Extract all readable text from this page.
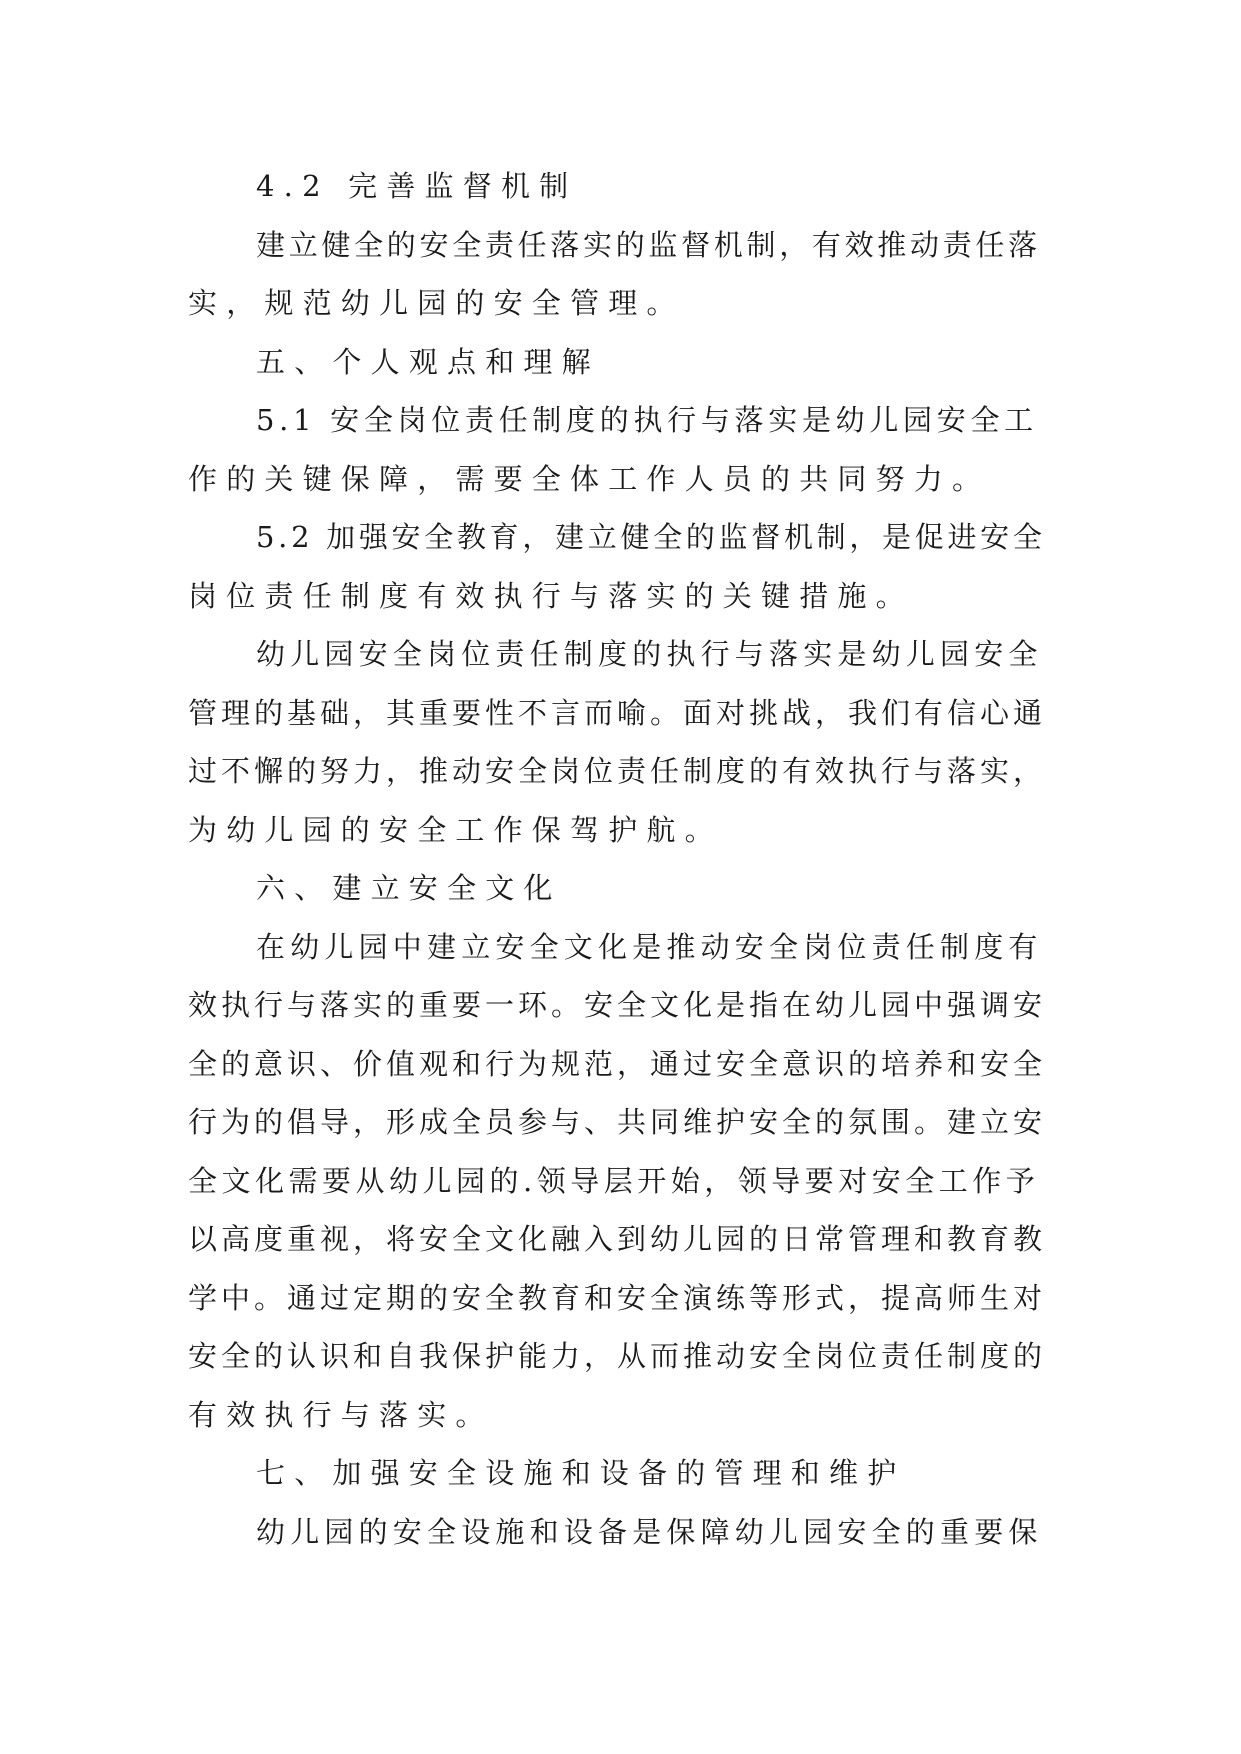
4.2 完善监督机制
建立健全的安全责任落实的监督机制，有效推动责任落
实，规范幼儿园的安全管理。
五、个人观点和理解
5.1 安全岗位责任制度的执行与落实是幼儿园安全工
作的关键保障，需要全体工作人员的共同努力。
5.2 加强安全教育，建立健全的监督机制，是促进安全
岗位责任制度有效执行与落实的关键措施。
幼儿园安全岗位责任制度的执行与落实是幼儿园安全
管理的基础，其重要性不言而喻。面对挑战，我们有信心通
过不懈的努力，推动安全岗位责任制度的有效执行与落实，
为幼儿园的安全工作保驾护航。
六、建立安全文化
在幼儿园中建立安全文化是推动安全岗位责任制度有
效执行与落实的重要一环。安全文化是指在幼儿园中强调安
全的意识、价值观和行为规范，通过安全意识的培养和安全
行为的倡导，形成全员参与、共同维护安全的氛围。建立安
全文化需要从幼儿园的.领导层开始，领导要对安全工作予
以高度重视，将安全文化融入到幼儿园的日常管理和教育教
学中。通过定期的安全教育和安全演练等形式，提高师生对
安全的认识和自我保护能力，从而推动安全岗位责任制度的
有效执行与落实。
七、加强安全设施和设备的管理和维护
幼儿园的安全设施和设备是保障幼儿园安全的重要保
